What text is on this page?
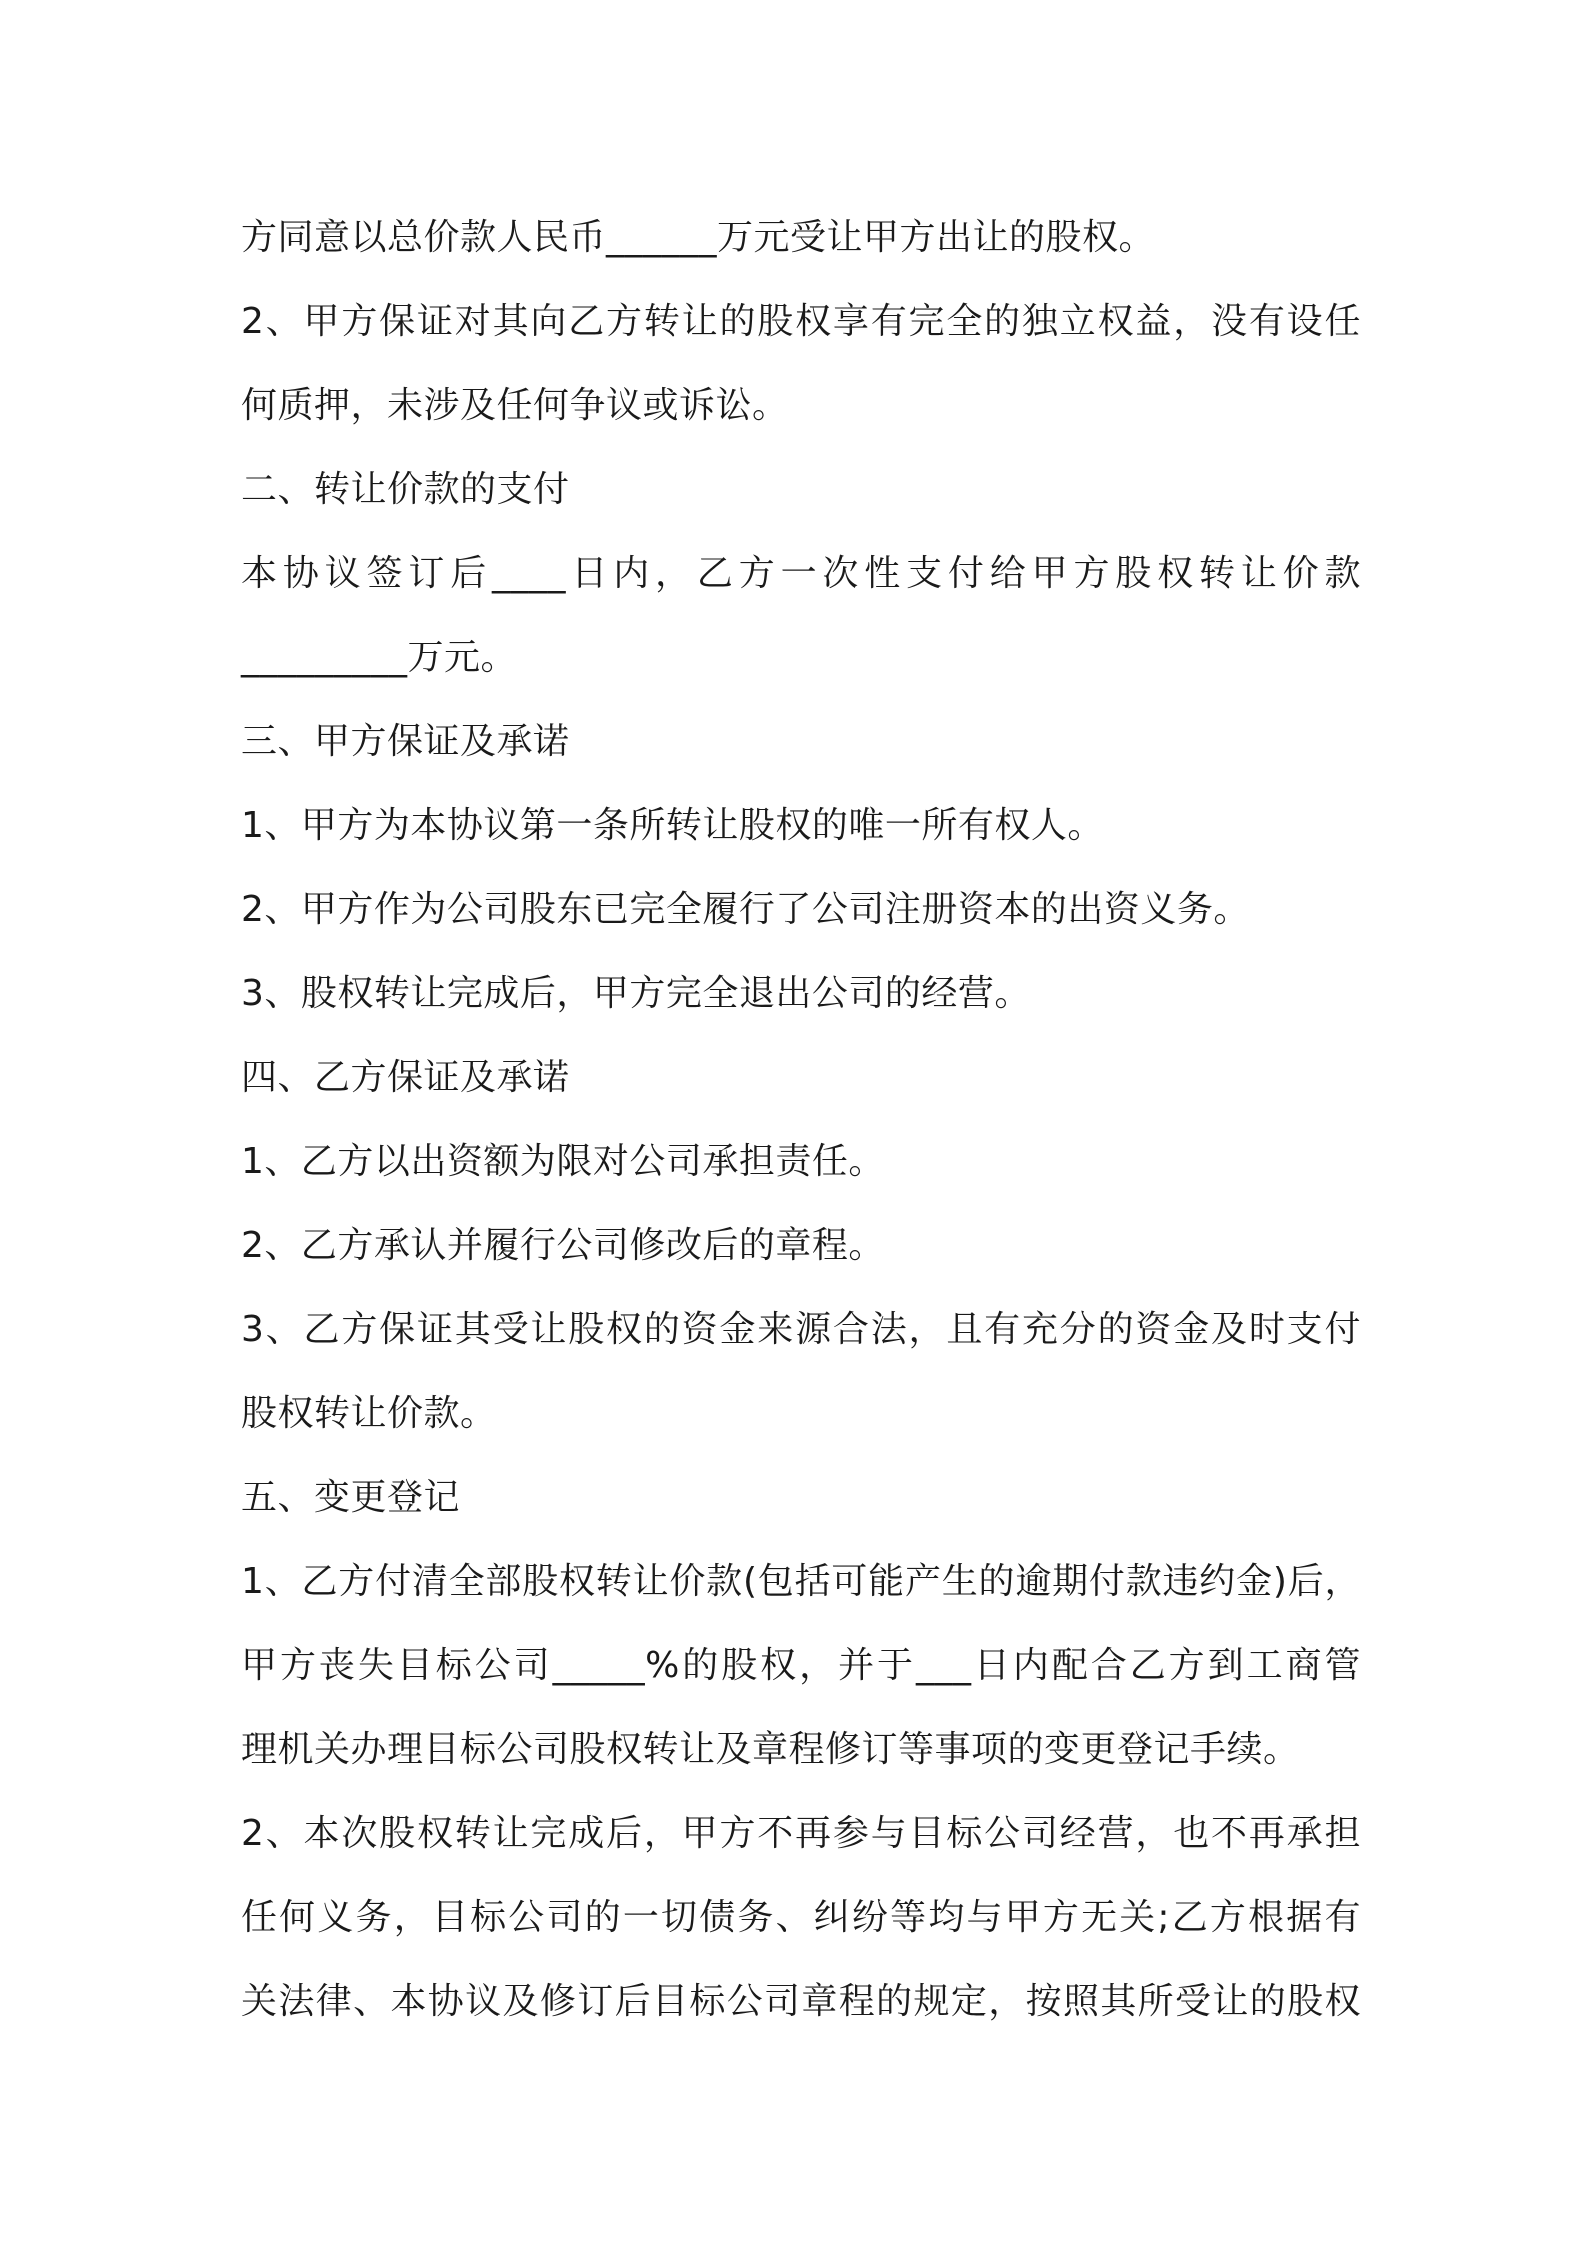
方同意以总价款人民币______万元受让甲方出让的股权。

2、甲方保证对其向乙方转让的股权享有完全的独立权益，没有设任

何质押，未涉及任何争议或诉讼。

二、转让价款的支付

本协议签订后____日内，乙方一次性支付给甲方股权转让价款

_________万元。

三、甲方保证及承诺

1、甲方为本协议第一条所转让股权的唯一所有权人。

2、甲方作为公司股东已完全履行了公司注册资本的出资义务。

3、股权转让完成后，甲方完全退出公司的经营。

四、乙方保证及承诺

1、乙方以出资额为限对公司承担责任。

2、乙方承认并履行公司修改后的章程。

3、乙方保证其受让股权的资金来源合法，且有充分的资金及时支付

股权转让价款。

五、变更登记

1、乙方付清全部股权转让价款(包括可能产生的逾期付款违约金)后，

甲方丧失目标公司_____%的股权，并于___日内配合乙方到工商管

理机关办理目标公司股权转让及章程修订等事项的变更登记手续。

2、本次股权转让完成后，甲方不再参与目标公司经营，也不再承担

任何义务，目标公司的一切债务、纠纷等均与甲方无关;乙方根据有

关法律、本协议及修订后目标公司章程的规定，按照其所受让的股权
